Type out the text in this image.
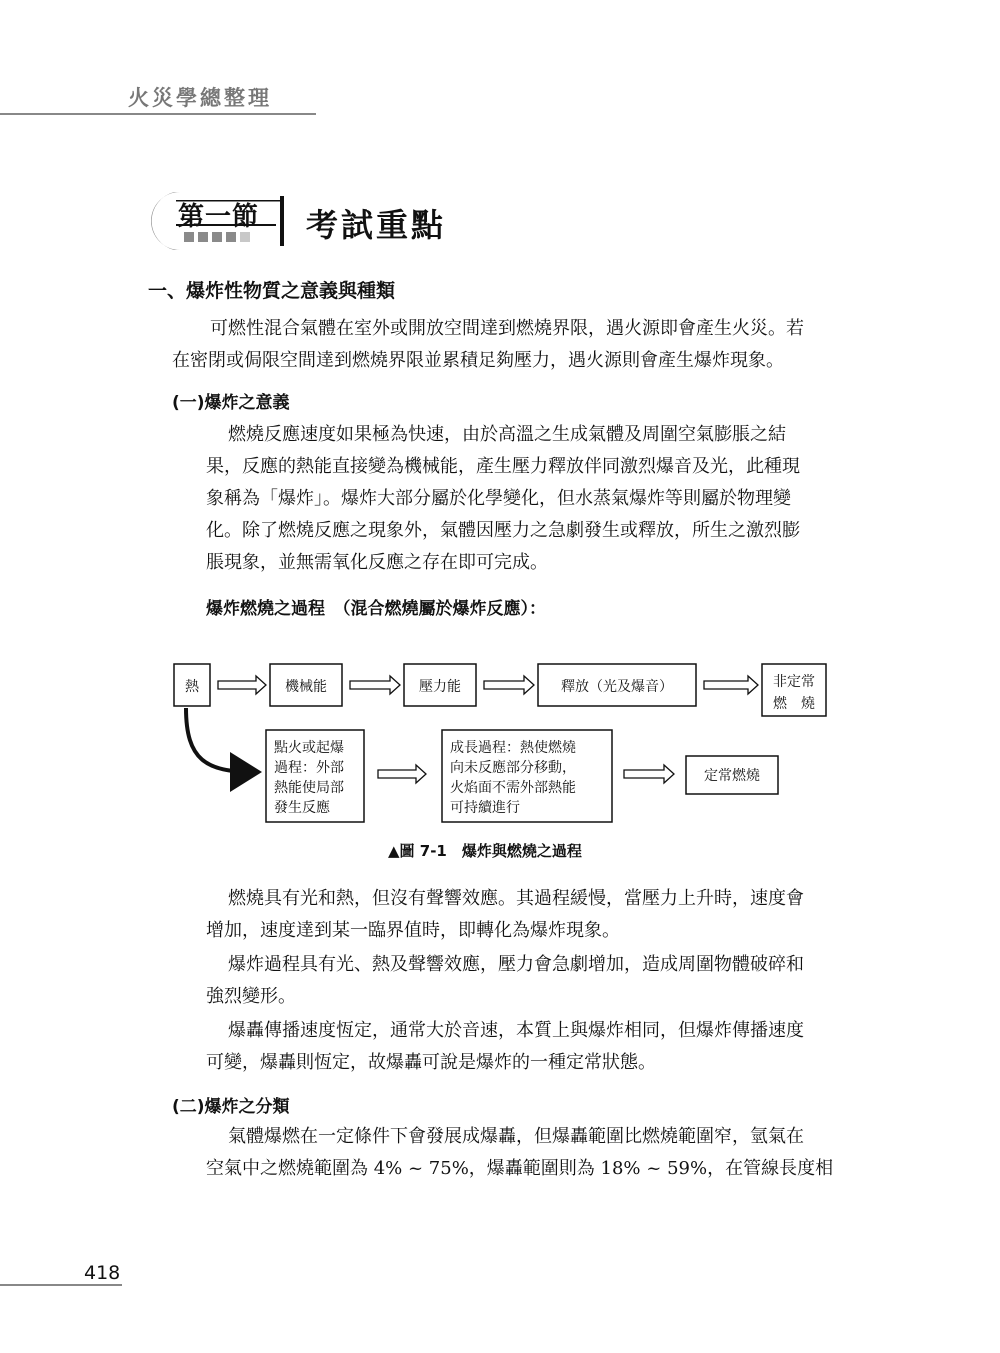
火災學總整理
第一節 考試重點
一、爆炸性物質之意義與種類
可燃性混合氣體在室外或開放空間達到燃燒界限，遇火源即會產生火災。若
在密閉或侷限空間達到燃燒界限並累積足夠壓力，遇火源則會產生爆炸現象。
(一)爆炸之意義
燃燒反應速度如果極為快速，由於高溫之生成氣體及周圍空氣膨脹之結
果，反應的熱能直接變為機械能，產生壓力釋放伴同激烈爆音及光，此種現
象稱為「爆炸」。爆炸大部分屬於化學變化，但水蒸氣爆炸等則屬於物理變
化。除了燃燒反應之現象外，氣體因壓力之急劇發生或釋放，所生之激烈膨
脹現象，並無需氧化反應之存在即可完成。
爆炸燃燒之過程　（混合燃燒屬於爆炸反應）：
熱	機械能	壓力能	釋放（光及爆音）	非定常
燃　燒
點火或起爆
過程：外部
熱能使局部
發生反應
成長過程：熱使燃燒
向未反應部分移動，
火焰面不需外部熱能
可持續進行
定常燃燒
▲圖 7-1　爆炸與燃燒之過程
燃燒具有光和熱，但沒有聲響效應。其過程緩慢，當壓力上升時，速度會
增加，速度達到某一臨界值時，即轉化為爆炸現象。
爆炸過程具有光、熱及聲響效應，壓力會急劇增加，造成周圍物體破碎和
強烈變形。
爆轟傳播速度恆定，通常大於音速，本質上與爆炸相同，但爆炸傳播速度
可變，爆轟則恆定，故爆轟可說是爆炸的一種定常狀態。
(二)爆炸之分類
氣體爆燃在一定條件下會發展成爆轟，但爆轟範圍比燃燒範圍窄，氫氣在
空氣中之燃燒範圍為 4% ~ 75%，爆轟範圍則為 18% ~ 59%，在管線長度相
418
